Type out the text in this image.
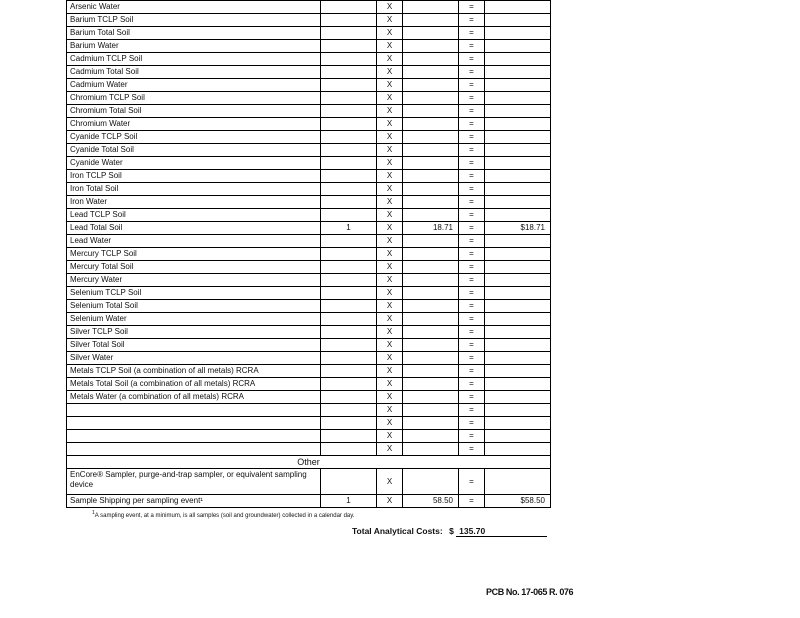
Arsenic Water		X		=	
Barium TCLP Soil		X		=	
Barium Total Soil		X		=	
Barium Water		X		=	
Cadmium TCLP Soil		X		=	
Cadmium Total Soil		X		=	
Cadmium Water		X		=	
Chromium TCLP Soil		X		=	
Chromium Total Soil		X		=	
Chromium Water		X		=	
Cyanide TCLP Soil		X		=	
Cyanide Total Soil		X		=	
Cyanide Water		X		=	
Iron TCLP Soil		X		=	
Iron Total Soil		X		=	
Iron Water		X		=	
Lead TCLP Soil		X		=	
Lead Total Soil	1	X	18.71	=	$18.71
Lead Water		X		=	
Mercury TCLP Soil		X		=	
Mercury Total Soil		X		=	
Mercury Water		X		=	
Selenium TCLP Soil		X		=	
Selenium Total Soil		X		=	
Selenium Water		X		=	
Silver TCLP Soil		X		=	
Silver Total Soil		X		=	
Silver Water		X		=	
Metals TCLP Soil (a combination of all metals) RCRA		X		=	
Metals Total Soil (a combination of all metals) RCRA		X		=	
Metals Water (a combination of all metals) RCRA		X		=	
		X		=	
		X		=	
		X		=	
		X		=	
Other					
EnCore® Sampler, purge-and-trap sampler, or equivalent sampling device		X		=	
Sample Shipping per sampling event¹	1	X	58.50	=	$58.50
$^1$A sampling event, at a minimum, is all samples (soil and groundwater) collected in a calendar day.
Total Analytical Costs: $ 135.70
PCB No. 17-065 R. 076
